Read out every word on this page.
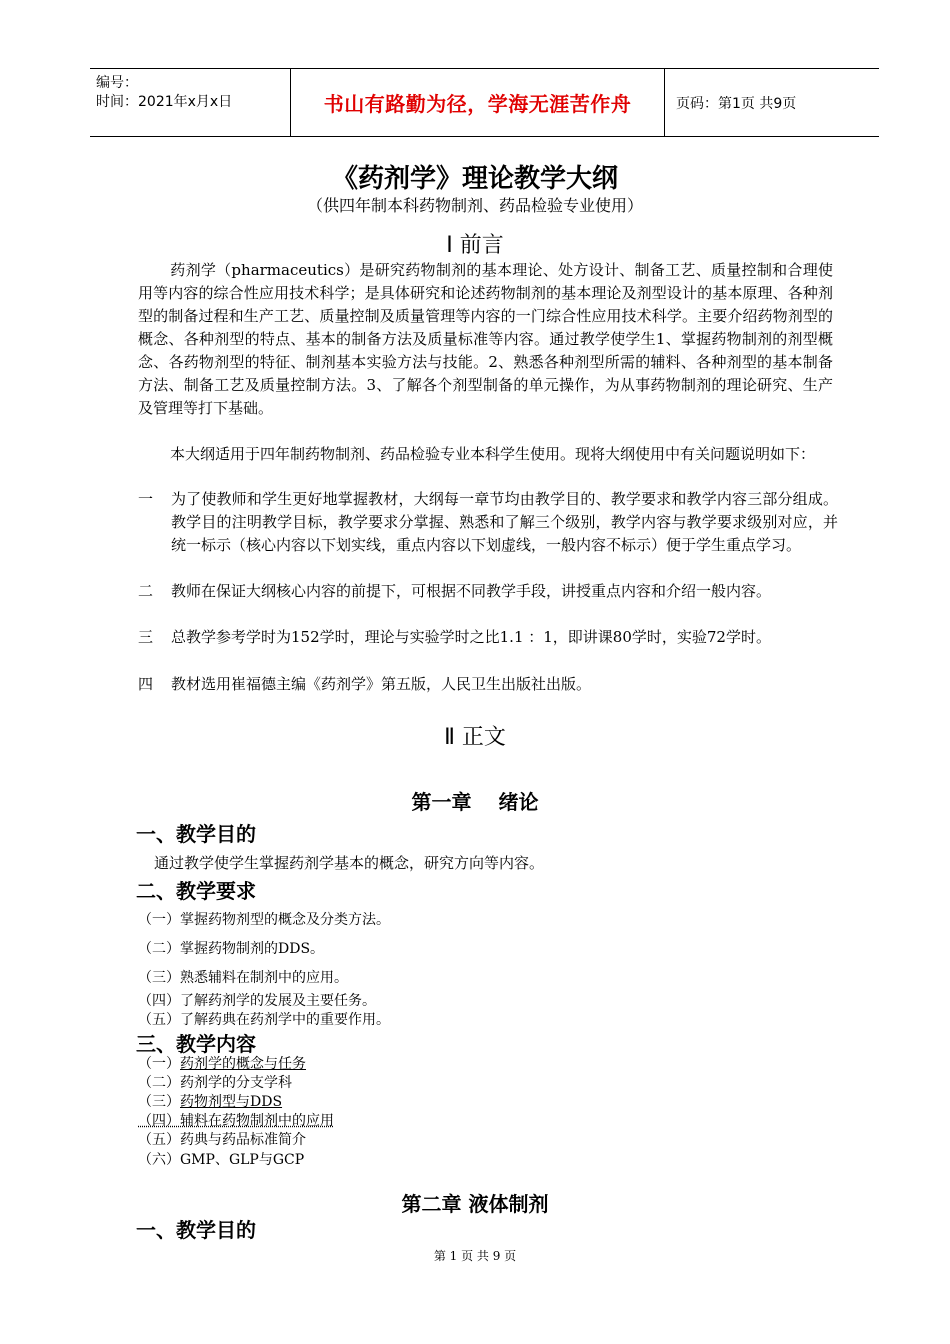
编号：
时间：2021年x月x日	书山有路勤为径，学海无涯苦作舟	页码：第1页 共9页
《药剂学》理论教学大纲
（供四年制本科药物制剂、药品检验专业使用）
Ⅰ 前言
药剂学（pharmaceutics）是研究药物制剂的基本理论、处方设计、制备工艺、质量控制和合理使用等内容的综合性应用技术科学；是具体研究和论述药物制剂的基本理论及剂型设计的基本原理、各种剂型的制备过程和生产工艺、质量控制及质量管理等内容的一门综合性应用技术科学。主要介绍药物剂型的概念、各种剂型的特点、基本的制备方法及质量标准等内容。通过教学使学生1、掌握药物制剂的剂型概念、各药物剂型的特征、制剂基本实验方法与技能。2、熟悉各种剂型所需的辅料、各种剂型的基本制备方法、制备工艺及质量控制方法。3、了解各个剂型制备的单元操作，为从事药物制剂的理论研究、生产及管理等打下基础。
本大纲适用于四年制药物制剂、药品检验专业本科学生使用。现将大纲使用中有关问题说明如下：
一 为了使教师和学生更好地掌握教材，大纲每一章节均由教学目的、教学要求和教学内容三部分组成。教学目的注明教学目标，教学要求分掌握、熟悉和了解三个级别，教学内容与教学要求级别对应，并统一标示（核心内容以下划实线，重点内容以下划虚线，一般内容不标示）便于学生重点学习。
二 教师在保证大纲核心内容的前提下，可根据不同教学手段，讲授重点内容和介绍一般内容。
三 总教学参考学时为152学时，理论与实验学时之比1.1 ：1，即讲课80学时，实验72学时。
四 教材选用崔福德主编《药剂学》第五版，人民卫生出版社出版。
Ⅱ 正文
第一章　 绪论
一、教学目的
通过教学使学生掌握药剂学基本的概念，研究方向等内容。
二、教学要求
（一）掌握药物剂型的概念及分类方法。
（二）掌握药物制剂的DDS。
（三）熟悉辅料在制剂中的应用。
（四）了解药剂学的发展及主要任务。
（五）了解药典在药剂学中的重要作用。
三、教学内容
（一）药剂学的概念与任务
（二）药剂学的分支学科
（三）药物剂型与DDS
（四）辅料在药物制剂中的应用
（五）药典与药品标准简介
（六）GMP、GLP与GCP
第二章 液体制剂
一、教学目的
第 1 页 共 9 页
